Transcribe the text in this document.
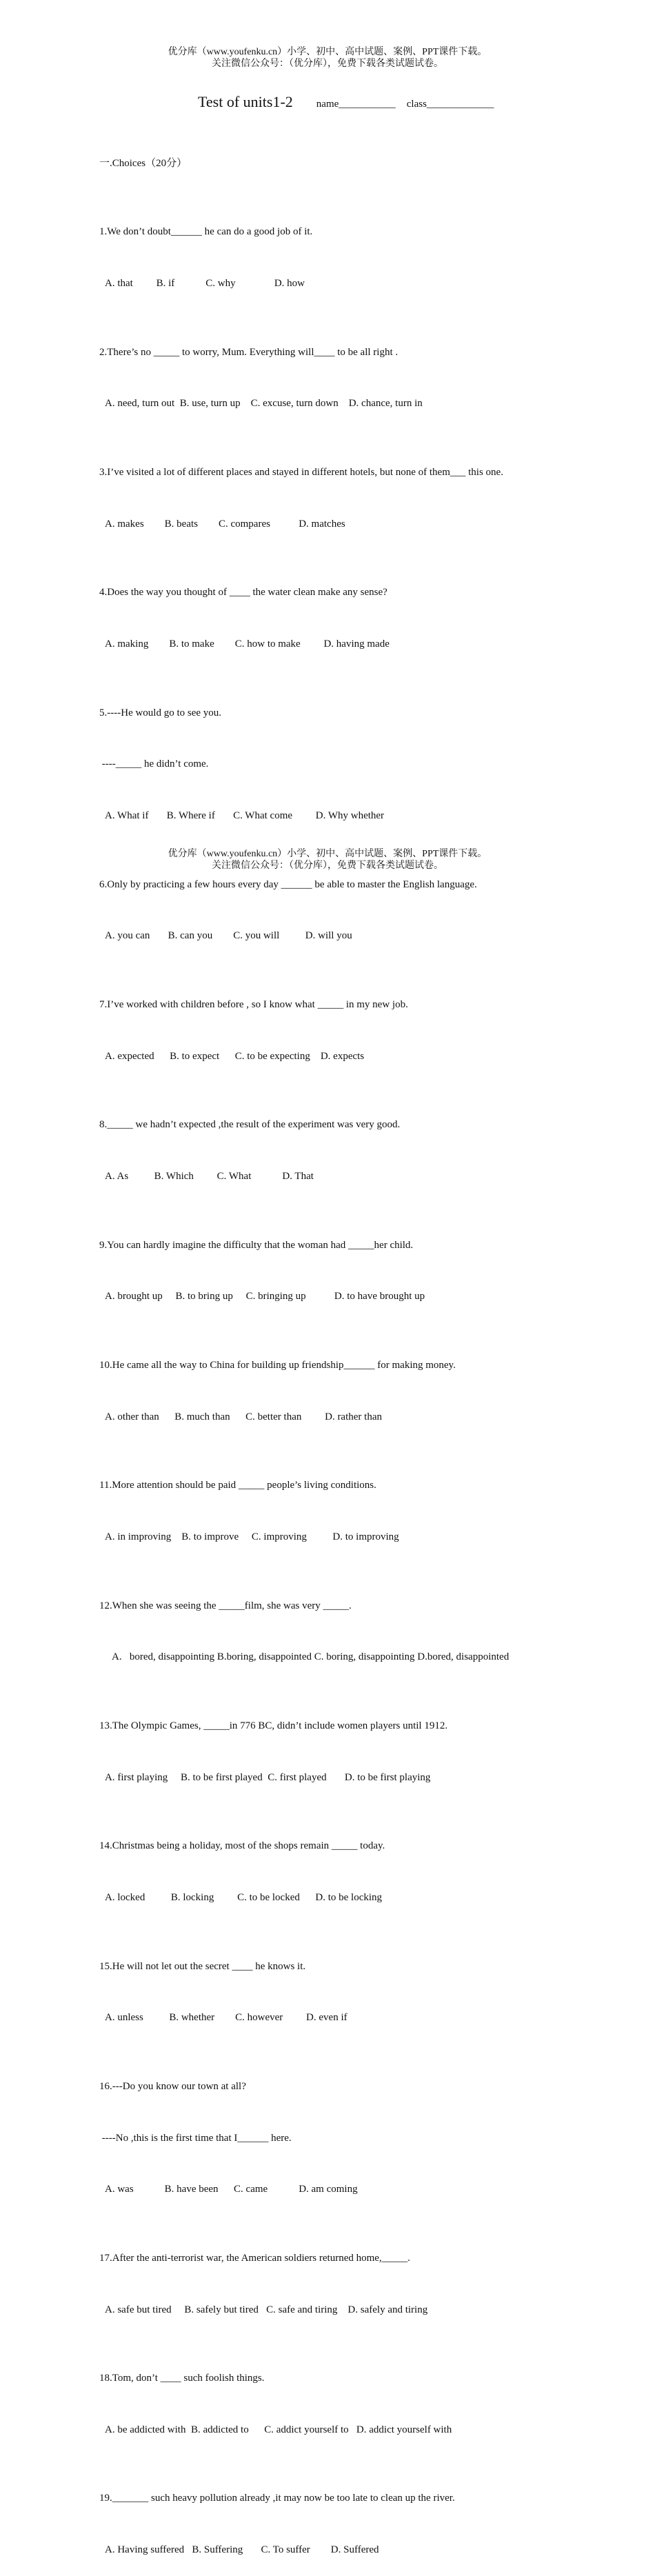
优分库（www.youfenku.cn）小学、初中、高中试题、案例、PPT课件下载。
关注微信公众号：（优分库），免费下载各类试题试卷。
Test of units1-2 name___________ class_____________

一.Choices（20分）

1.We don’t doubt______ he can do a good job of it.

A. that         B. if            C. why               D. how

2.There’s no _____ to worry, Mum. Everything will____ to be all right .

A. need, turn out  B. use, turn up    C. excuse, turn down    D. chance, turn in

3.I’ve visited a lot of different places and stayed in different hotels, but none of them___ this one.

A. makes        B. beats        C. compares           D. matches

4.Does the way you thought of ____ the water clean make any sense?

A. making        B. to make        C. how to make         D. having made

5.----He would go to see you.

----_____ he didn’t come.

A. What if       B. Where if       C. What come         D. Why whether

6.Only by practicing a few hours every day ______ be able to master the English language.

A. you can       B. can you        C. you will          D. will you

7.I’ve worked with children before , so I know what _____ in my new job.

A. expected      B. to expect      C. to be expecting    D. expects

8._____ we hadn’t expected ,the result of the experiment was very good.

A. As          B. Which         C. What            D. That

9.You can hardly imagine the difficulty that the woman had _____her child.

A. brought up     B. to bring up     C. bringing up           D. to have brought up

10.He came all the way to China for building up friendship______ for making money.

A. other than      B. much than      C. better than         D. rather than

11.More attention should be paid _____ people’s living conditions.

A. in improving    B. to improve     C. improving          D. to improving

12.When she was seeing the _____film, she was very _____.

A.   bored, disappointing B.boring, disappointed C. boring, disappointing D.bored, disappointed

13.The Olympic Games, _____in 776 BC, didn’t include women players until 1912.

A. first playing     B. to be first played  C. first played       D. to be first playing

14.Christmas being a holiday, most of the shops remain _____ today.

A. locked          B. locking         C. to be locked      D. to be locking

15.He will not let out the secret ____ he knows it.

A. unless          B. whether        C. however         D. even if

16.---Do you know our town at all?

----No ,this is the first time that I______ here.

A. was            B. have been      C. came            D. am coming

17.After the anti-terrorist war, the American soldiers returned home,_____.

A. safe but tired     B. safely but tired   C. safe and tiring    D. safely and tiring

18.Tom, don’t ____ such foolish things.

A. be addicted with  B. addicted to      C. addict yourself to   D. addict yourself with

19._______ such heavy pollution already ,it may now be too late to clean up the river.

A. Having suffered   B. Suffering       C. To suffer        D. Suffered

优分库（www.youfenku.cn）小学、初中、高中试题、案例、PPT课件下载。
关注微信公众号：（优分库），免费下载各类试题试卷。
